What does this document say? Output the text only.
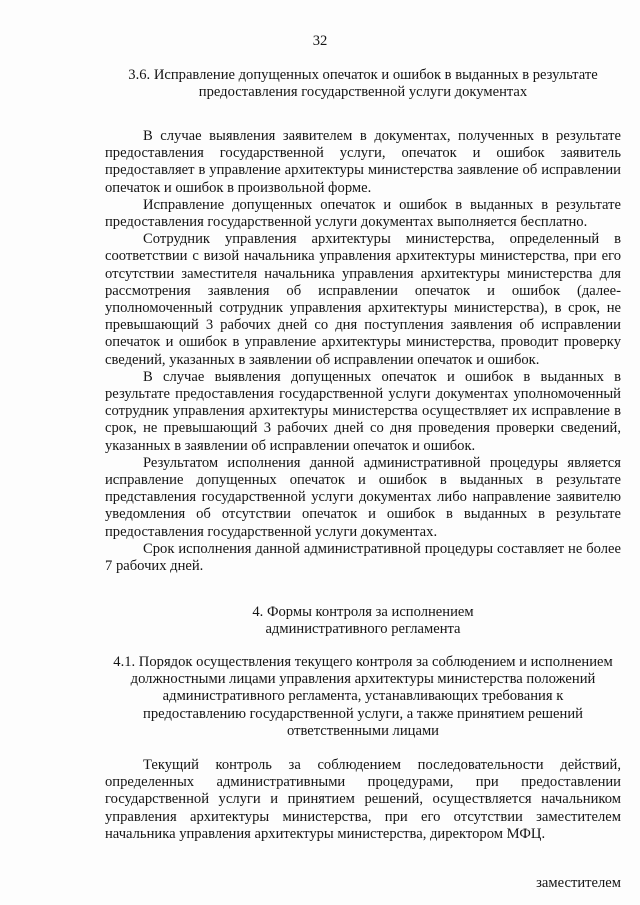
32

3.6. Исправление допущенных опечаток и ошибок в выданных в результате

предоставления государственной услуги документах

В случае выявления заявителем в документах, полученных в результате предоставления государственной услуги, опечаток и ошибок заявитель предоставляет в управление архитектуры министерства заявление об исправлении опечаток и ошибок в произвольной форме.

Исправление допущенных опечаток и ошибок в выданных в результате предоставления государственной услуги документах выполняется бесплатно.

Сотрудник управления архитектуры министерства, определенный в соответствии с визой начальника управления архитектуры министерства, при его отсутствии заместителя начальника управления архитектуры министерства для рассмотрения заявления об исправлении опечаток и ошибок (далее-уполномоченный сотрудник управления архитектуры министерства), в срок, не превышающий 3 рабочих дней со дня поступления заявления об исправлении опечаток и ошибок в управление архитектуры министерства, проводит проверку сведений, указанных в заявлении об исправлении опечаток и ошибок.

В случае выявления допущенных опечаток и ошибок в выданных в результате предоставления государственной услуги документах уполномоченный сотрудник управления архитектуры министерства осуществляет их исправление в срок, не превышающий 3 рабочих дней со дня проведения проверки сведений, указанных в заявлении об исправлении опечаток и ошибок.

Результатом исполнения данной административной процедуры является исправление допущенных опечаток и ошибок в выданных в результате представления государственной услуги документах либо направление заявителю уведомления об отсутствии опечаток и ошибок в выданных в результате предоставления государственной услуги документах.

Срок исполнения данной административной процедуры составляет не более 7 рабочих дней.

4. Формы контроля за исполнением

административного регламента

4.1. Порядок осуществления текущего контроля за соблюдением и исполнением

должностными лицами управления архитектуры министерства положений

административного регламента, устанавливающих требования к

предоставлению государственной услуги, а также принятием решений

ответственными лицами

Текущий контроль за соблюдением последовательности действий, определенных административными процедурами, при предоставлении государственной услуги и принятием решений, осуществляется начальником управления архитектуры министерства, при его отсутствии заместителем начальника управления архитектуры министерства, директором МФЦ.

заместителем
